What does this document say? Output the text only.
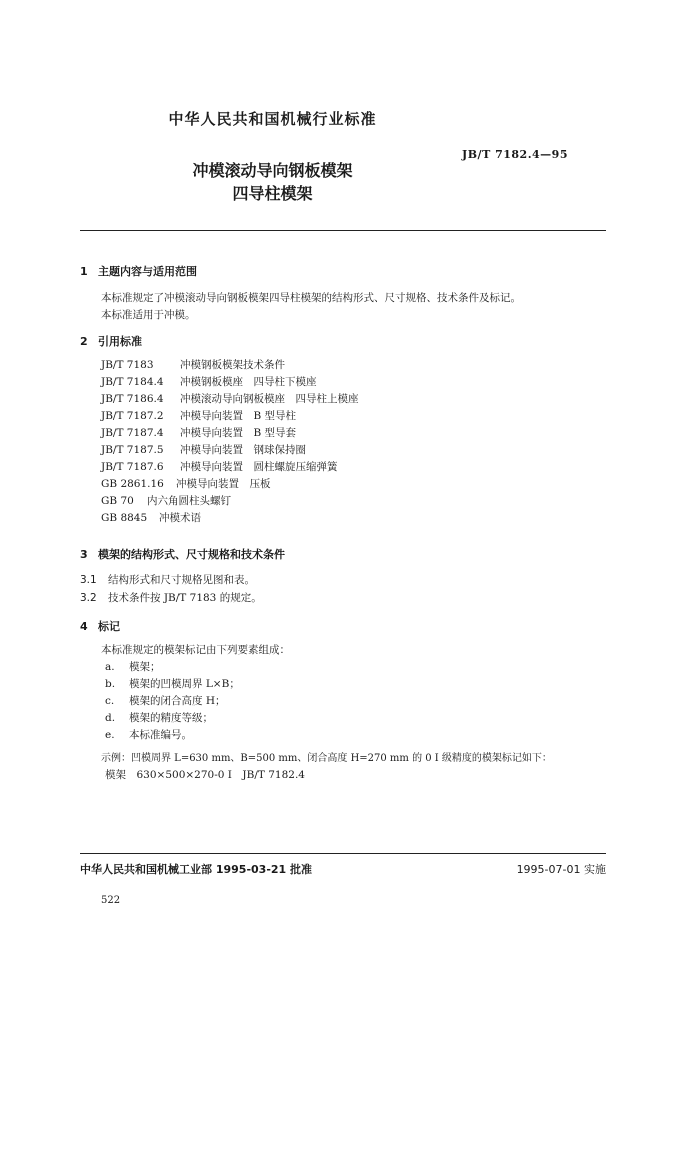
中华人民共和国机械行业标准
JB/T 7182.4—95
冲模滚动导向钢板模架
四导柱模架
1 主题内容与适用范围
本标准规定了冲模滚动导向钢板模架四导柱模架的结构形式、尺寸规格、技术条件及标记。
本标准适用于冲模。
2 引用标准
JB/T 7183	冲模钢板模架技术条件
JB/T 7184.4 冲模钢板模座　四导柱下模座
JB/T 7186.4 冲模滚动导向钢板模座　四导柱上模座
JB/T 7187.2 冲模导向装置　B 型导柱
JB/T 7187.4 冲模导向装置　B 型导套
JB/T 7187.5 冲模导向装置　钢球保持圈
JB/T 7187.6 冲模导向装置　圆柱螺旋压缩弹簧
GB 2861.16 冲模导向装置　压板
GB 70 内六角圆柱头螺钉
GB 8845 冲模术语
3 模架的结构形式、尺寸规格和技术条件
3.1 结构形式和尺寸规格见图和表。
3.2 技术条件按 JB/T 7183 的规定。
4 标记
本标准规定的模架标记由下列要素组成：
a. 模架；
b. 模架的凹模周界 L×B；
c. 模架的闭合高度 H；
d. 模架的精度等级；
e. 本标准编号。
示例：凹模周界 L=630 mm、B=500 mm、闭合高度 H=270 mm 的 0 I 级精度的模架标记如下：
模架　630×500×270-0 I　JB/T 7182.4
中华人民共和国机械工业部 1995-03-21 批准	1995-07-01 实施
522
